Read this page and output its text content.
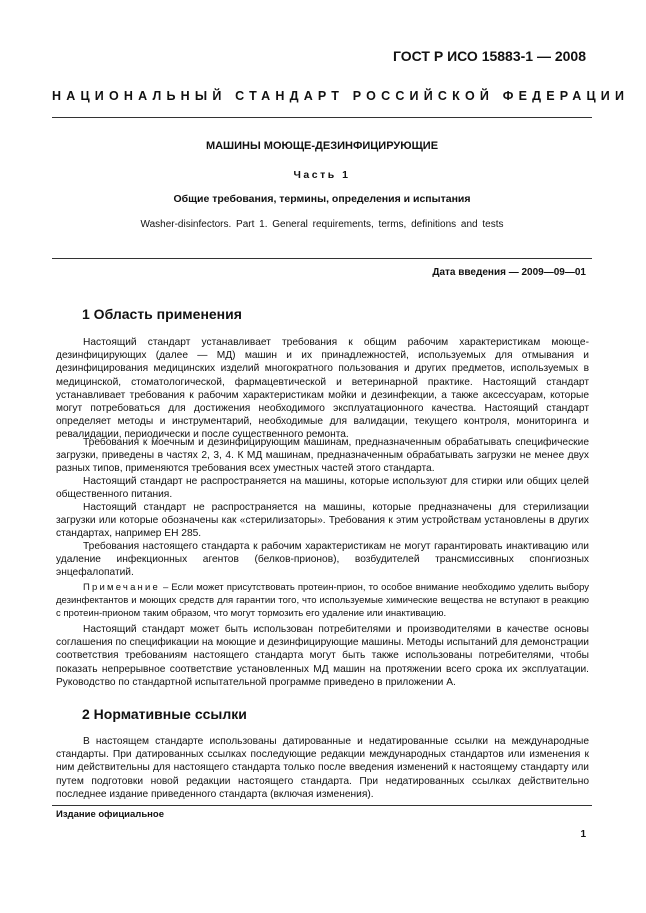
ГОСТ Р ИСО 15883-1 — 2008
НАЦИОНАЛЬНЫЙ СТАНДАРТ РОССИЙСКОЙ ФЕДЕРАЦИИ
МАШИНЫ МОЮЩЕ-ДЕЗИНФИЦИРУЮЩИЕ
Часть 1
Общие требования, термины, определения и испытания
Washer-disinfectors. Part 1. General requirements, terms, definitions and tests
Дата введения — 2009—09—01
1 Область применения

Настоящий стандарт устанавливает требования к общим рабочим характеристикам моюще-дезинфицирующих (далее — МД) машин и их принадлежностей, используемых для отмывания и дезинфицирования медицинских изделий многократного пользования и других предметов, используемых в медицинской, стоматологической, фармацевтической и ветеринарной практике. Настоящий стандарт устанавливает требования к рабочим характеристикам мойки и дезинфекции, а также аксессуарам, которые могут потребоваться для достижения необходимого эксплуатационного качества. Настоящий стандарт определяет методы и инструментарий, необходимые для валидации, текущего контроля, мониторинга и ревалидации, периодически и после существенного ремонта.

Требования к моечным и дезинфицирующим машинам, предназначенным обрабатывать специфические загрузки, приведены в частях 2, 3, 4. К МД машинам, предназначенным обрабатывать загрузки не менее двух разных типов, применяются требования всех уместных частей этого стандарта.

Настоящий стандарт не распространяется на машины, которые используют для стирки или общих целей общественного питания.

Настоящий стандарт не распространяется на машины, которые предназначены для стерилизации загрузки или которые обозначены как «стерилизаторы». Требования к этим устройствам установлены в других стандартах, например ЕН 285.

Требования настоящего стандарта к рабочим характеристикам не могут гарантировать инактивацию или удаление инфекционных агентов (белков-прионов), возбудителей трансмиссивных спонгиозных энцефалопатий.

Примечание – Если может присутствовать протеин-прион, то особое внимание необходимо уделить выбору дезинфектантов и моющих средств для гарантии того, что используемые химические вещества не вступают в реакцию с протеин-прионом таким образом, что могут тормозить его удаление или инактивацию.

Настоящий стандарт может быть использован потребителями и производителями в качестве основы соглашения по спецификации на моющие и дезинфицирующие машины. Методы испытаний для демонстрации соответствия требованиям настоящего стандарта могут быть также использованы потребителями, чтобы показать непрерывное соответствие установленных МД машин на протяжении всего срока их эксплуатации. Руководство по стандартной испытательной программе приведено в приложении А.

2 Нормативные ссылки

В настоящем стандарте использованы датированные и недатированные ссылки на международные стандарты. При датированных ссылках последующие редакции международных стандартов или изменения к ним действительны для настоящего стандарта только после введения изменений к настоящему стандарту или путем подготовки новой редакции настоящего стандарта. При недатированных ссылках действительно последнее издание приведенного стандарта (включая изменения).

Издание официальное
1
